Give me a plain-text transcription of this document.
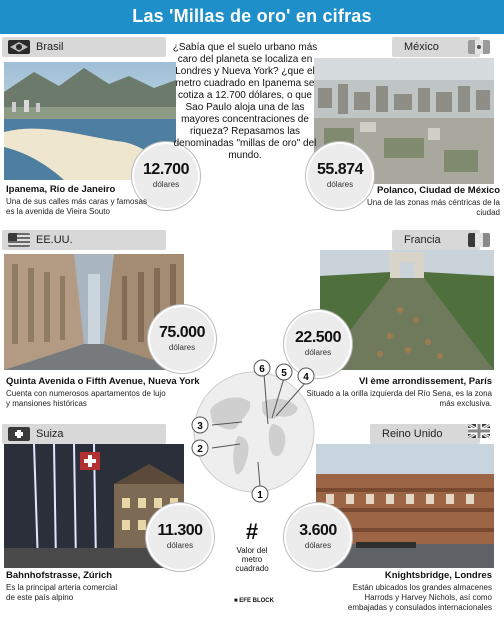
Las 'Millas de oro' en cifras
Brasil
12.700
dólares
Ipanema, Río de Janeiro
Una de sus calles más caras y famosas es la avenida de Vieira Souto
México
55.874
dólares
Polanco, Ciudad de México
Una de las zonas más céntricas de la ciudad
¿Sabía que el suelo urbano más caro del planeta se localiza en Londres y Nueva York? ¿que el metro cuadrado en Ipanema se cotiza a 12.700 dólares, o que Sao Paulo aloja una de las mayores concentraciones de riqueza? Repasamos las denominadas "millas de oro" del mundo.
EE.UU.
75.000
dólares
Quinta Avenida o Fifth Avenue, Nueva York
Cuenta con numerosos apartamentos de lujo y mansiones históricas
Francia
22.500
dólares
VI ème arrondissement, París
Situado a la orilla izquierda del Río Sena, es la zona más exclusiva.
6 5 4
3
2
1
Suiza
11.300
dólares
Bahnhofstrasse, Zúrich
Es la principal arteria comercial de este país alpino
#
Valor del metro cuadrado
■ EFE BLOCK
Reino Unido
3.600
dólares
Knightsbridge, Londres
Están ubicados los grandes almacenes Harrods y Harvey Nichols, así como embajadas y consulados internacionales
